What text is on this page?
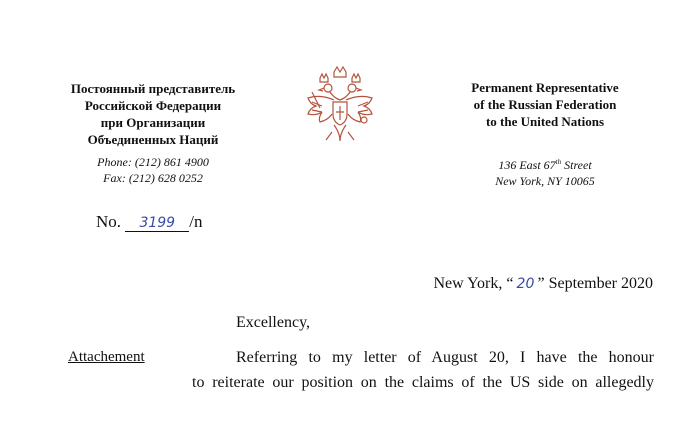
Постоянный представитель
Российской Федерации
при Организации
Объединенных Наций
Phone: (212) 861 4900
Fax: (212) 628 0252
Permanent Representative
of the Russian Federation
to the United Nations
136 East 67th Street
New York, NY 10065
No. 3199 /n
New York, “ 20 ” September 2020
Excellency,
Attachement	Referring to my letter of August 20, I have the honour
to reiterate our position on the claims of the US side on allegedly
